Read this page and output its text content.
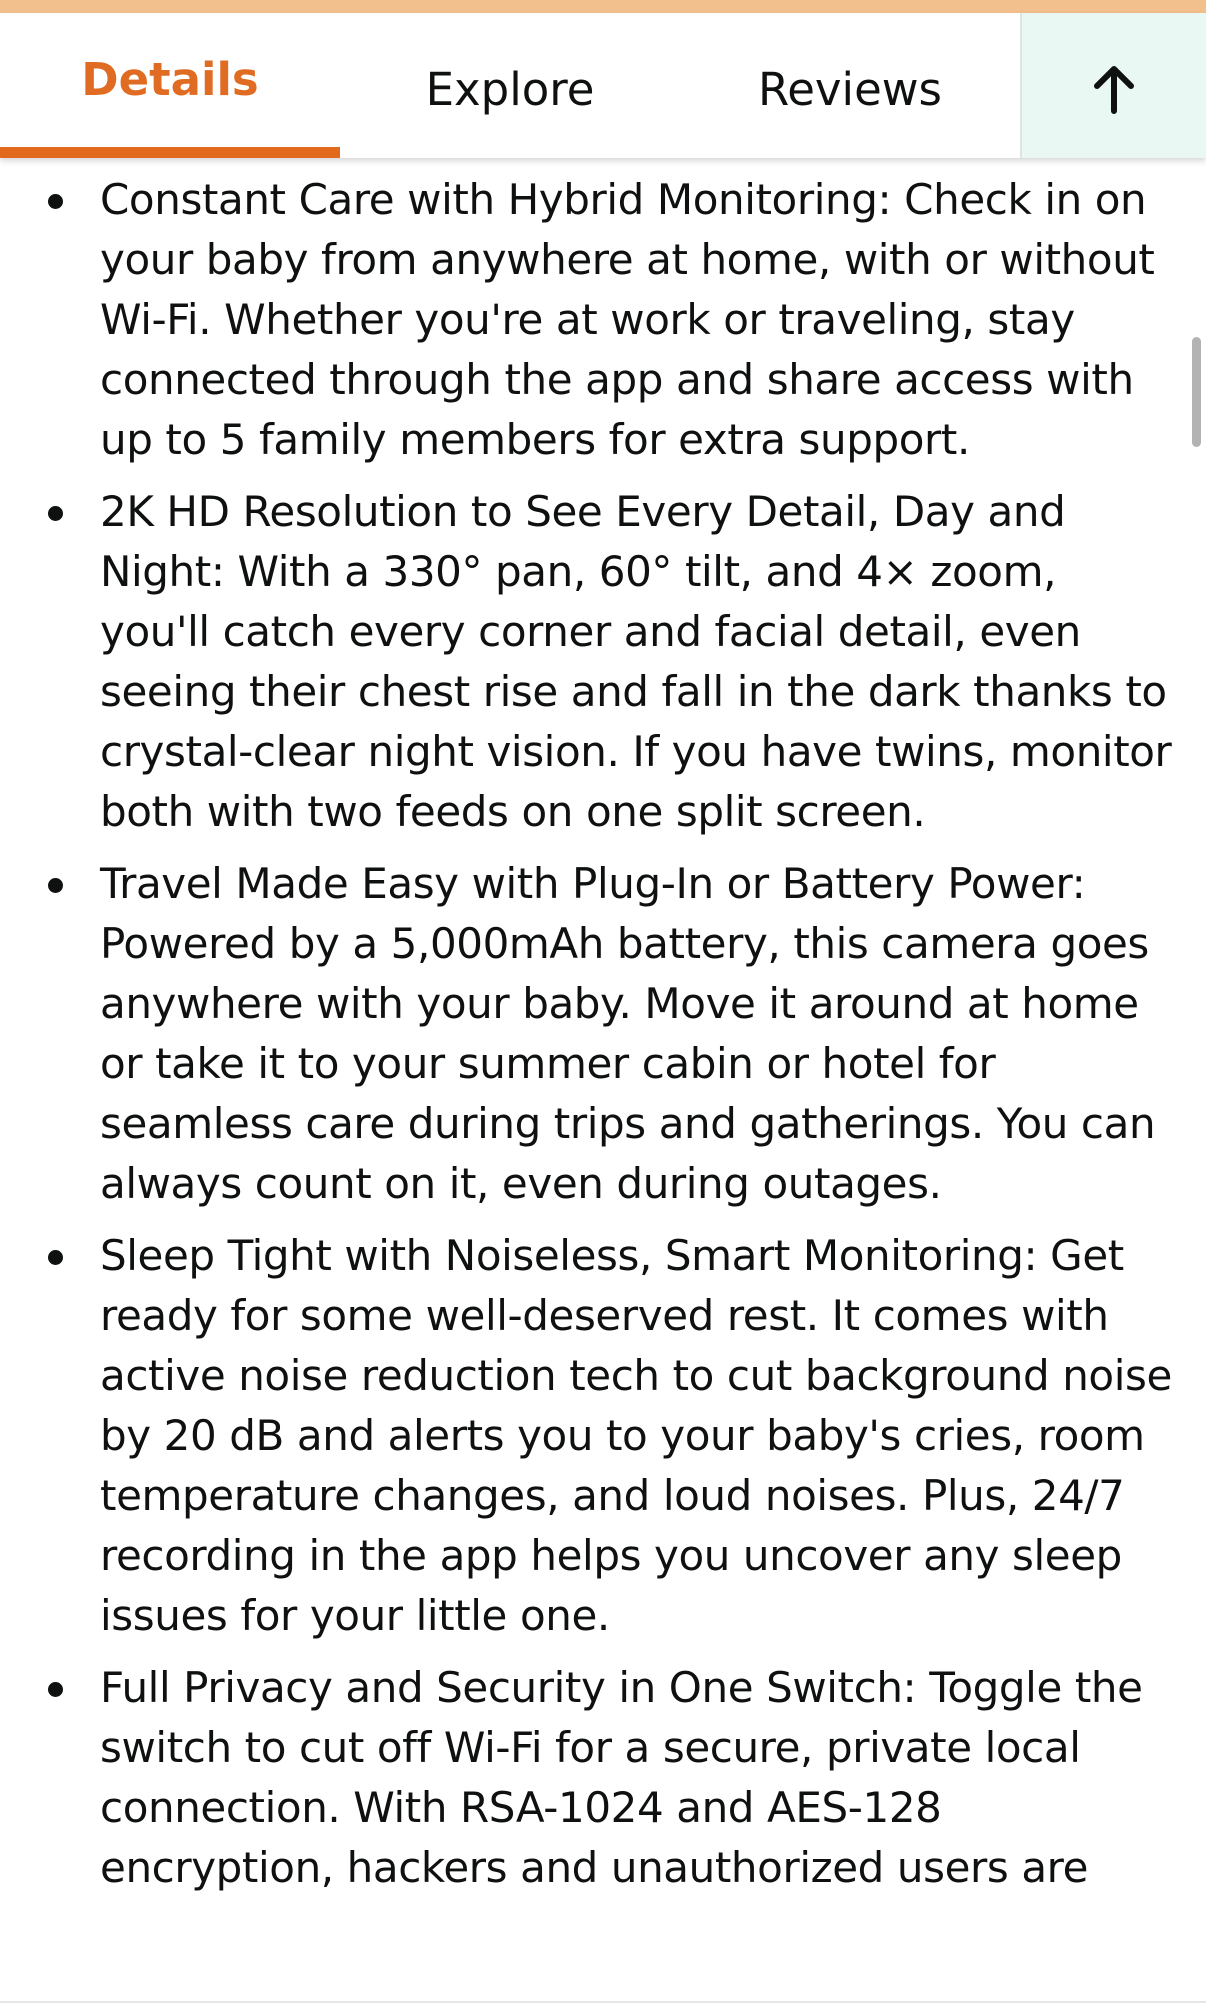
Details	Explore	Reviews
Constant Care with Hybrid Monitoring: Check in on your baby from anywhere at home, with or without Wi-Fi. Whether you're at work or traveling, stay connected through the app and share access with up to 5 family members for extra support.
2K HD Resolution to See Every Detail, Day and Night: With a 330° pan, 60° tilt, and 4× zoom, you'll catch every corner and facial detail, even seeing their chest rise and fall in the dark thanks to crystal-clear night vision. If you have twins, monitor both with two feeds on one split screen.
Travel Made Easy with Plug-In or Battery Power: Powered by a 5,000mAh battery, this camera goes anywhere with your baby. Move it around at home or take it to your summer cabin or hotel for seamless care during trips and gatherings. You can always count on it, even during outages.
Sleep Tight with Noiseless, Smart Monitoring: Get ready for some well-deserved rest. It comes with active noise reduction tech to cut background noise by 20 dB and alerts you to your baby's cries, room temperature changes, and loud noises. Plus, 24/7 recording in the app helps you uncover any sleep issues for your little one.
Full Privacy and Security in One Switch: Toggle the switch to cut off Wi-Fi for a secure, private local connection. With RSA-1024 and AES-128 encryption, hackers and unauthorized users are
